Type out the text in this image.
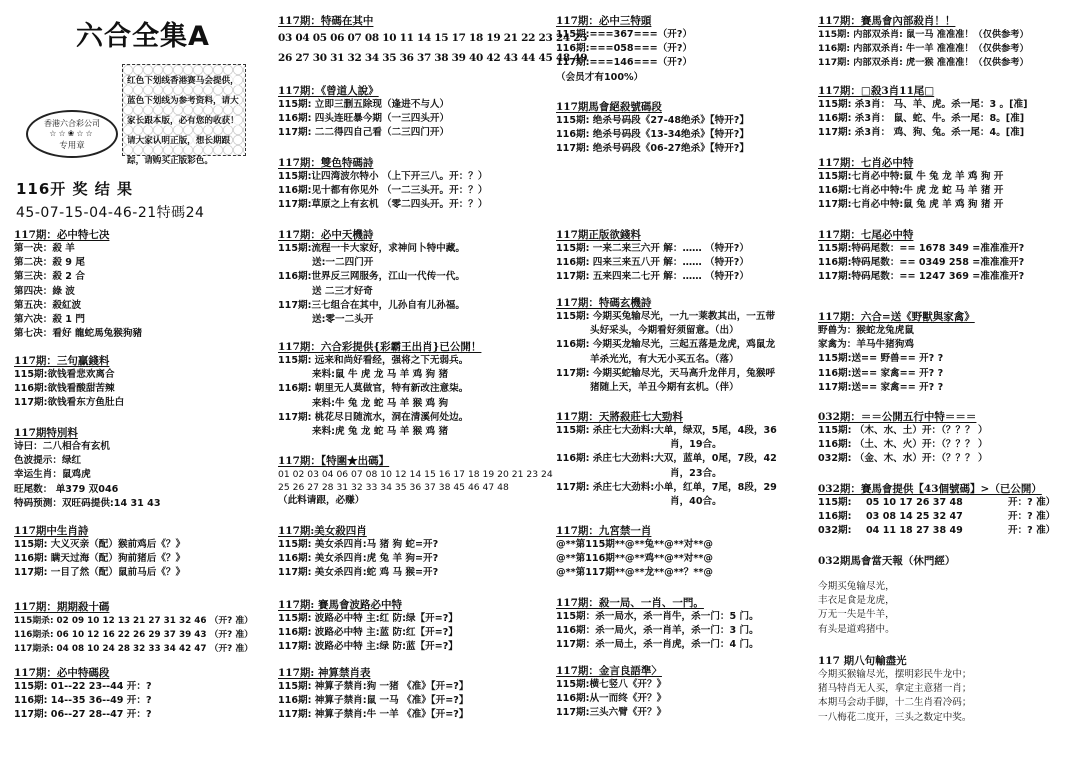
六合全集A
香港六合彩公司
☆☆❀☆☆
专用章
红色下划线香港赛马会提供，蓝色下划线为参考资料，请大家长跟本版，必有您的收获！请大家认明正版，想长期跟踪，请购买正版彩色。
116开 奖 结 果
45-07-15-04-46-21特碼24
117期：必中特七决
第一决：殺 羊
第二决：殺 9 尾
第三决：殺 2 合
第四决：綠 波
第五决：殺紅波
第六决：殺 1 門
第七决：看好 龍蛇馬兔猴狗豬
117期：三句贏錢料
115期:欲钱看悲欢离合
116期:欲钱看酸甜苦辣
117期:欲钱看东方鱼肚白
117期特別料
诗曰：二八相合有玄机
色波提示：绿红
幸运生肖：鼠鸡虎
旺尾数： 单379 双046
特码预测：双旺码提供:14 31 43
117期中生肖詩
115期: 大义灭亲（配）猴前鸡后《？》
116期: 瞒天过海（配）狗前猪后《？》
117期: 一目了然（配）鼠前马后《？》
117期：期期殺十碼
115期杀: 02 09 10 12 13 21 27 31 32 46 （开? 准）
116期杀: 06 10 12 16 22 26 29 37 39 43 （开? 准）
117期杀: 04 08 10 24 28 32 33 34 42 47 （开? 准）
117期：必中特碼段
115期: 01--22 23--44 开：?
116期: 14--35 36--49 开：?
117期: 06--27 28--47 开：?
117期：特碼在其中
03 04 05 06 07 08 10 11 14 15 17 18 19 21 22 23 24 25
26 27 30 31 32 34 35 36 37 38 39 40 42 43 44 45 48 49
117期：《曾道人說》
115期: 立即三删五除现（逢进不与人）
116期: 四头连旺暴今期（一三四头开）
117期: 二二得四自己看（二三四门开）
117期：雙色特碼詩
115期:让四湾波尔特小 （上下开三八。开：？）
116期:见十都有你见外 （一二三头开。开：？）
117期:草原之上有玄机 （零二四头开。开：？）
117期：必中天機詩
115期:流程一卡大家好，求神问卜特中藏。
送:一二四门开
116期:世界反三网服务，江山一代传一代。
送 二三才好奇
117期:三七组合在其中，儿孙自有儿孙福。
送:零一二头开
117期：六合彩提供{彩霸王出肖}已公開！
115期: 远来和尚好看经，强将之下无弱兵。
来料:鼠 牛 虎 龙 马 羊 鸡 狗 猪
116期: 朝里无人莫做官，特有新改注意柒。
来料:牛 兔 龙 蛇 马 羊 猴 鸡 狗
117期: 桃花尽日随流水，洞在清溪何处边。
来料:虎 兔 龙 蛇 马 羊 猴 鸡 猪
117期：【特圍★出碼】
01 02 03 04 06 07 08 10 12 14 15 16 17 18 19 20 21 23 24
25 26 27 28 31 32 33 34 35 36 37 38 45 46 47 48
（此料请跟，必赚）
117期:美女殺四肖
115期: 美女杀四肖:马 猪 狗 蛇=开?
116期: 美女杀四肖:虎 兔 羊 狗=开?
117期: 美女杀四肖:蛇 鸡 马 猴=开?
117期: 賽馬會波路必中特
115期: 波路必中特 主:红 防:绿【开=?】
116期: 波路必中特 主:蓝 防:红【开=?】
117期: 波路必中特 主:绿 防:蓝【开=?】
117期: 神算禁肖表
115期: 神算子禁肖:狗 一猪 《准》【开=?】
116期: 神算子禁肖:鼠 一马 《准》【开=?】
117期: 神算子禁肖:牛 一羊 《准》【开=?】
117期：必中三特頭
115期:===367===（开?）
116期:===058===（开?）
117期:===146===（开?）
（会员才有100%）
117期馬會絕殺號碼段
115期: 绝杀号码段《27-48绝杀》【特开?】
116期: 绝杀号码段《13-34绝杀》【特开?】
117期: 绝杀号码段《06-27绝杀》【特开?】
117期正版欲錢料
115期: 一来二来三六开 解：…… （特开?）
116期: 四来三来五八开 解：…… （特开?）
117期: 五来四来二七开 解：…… （特开?）
117期：特碼玄機詩
115期: 今期买兔输尽光，一九一莱教其出，一五带
头好采头，今期看好须留意。（出）
116期: 今期买龙输尽光，三起五落是龙虎，鸡鼠龙
羊杀光光，有大无小买五名。（落）
117期: 今期买蛇输尽光，天马高升龙伴月，兔猴呼
猪随上天，羊丑今期有玄机。（伴）
117期：天將殺莊七大勁料
115期: 杀庄七大劲料:大单，绿双，5尾，4段，36
肖，19合。
116期: 杀庄七大劲料:大双，蓝单，0尾，7段，42
肖，23合。
117期: 杀庄七大劲料:小单，红单，7尾，8段，29
肖，40合。
117期：九宮禁一肖
@**第115期**@**兔**@**对**@
@**第116期**@**鸡**@**对**@
@**第117期**@**龙**@**？**@
117期：殺一局、一肖、一門。
115期：杀一局水，杀一肖牛，杀一门：5 门。
116期：杀一局火，杀一肖羊，杀一门：3 门。
117期：杀一局土，杀一肖虎，杀一门：4 门。
117期：金言良語準〉
115期:横七竖八《开？》
116期:从一而终《开？》
117期:三头六臂《开？》
117期：賽馬會內部殺肖！！
115期: 内部双杀肖: 鼠一马 准准准！（仅供参考）
116期: 内部双杀肖: 牛一羊 准准准！（仅供参考）
117期: 内部双杀肖: 虎一猴 准准准！（仅供参考）
117期：□殺3肖11尾□
115期: 杀3肖： 马、羊、虎。杀一尾：3 。[准]
116期: 杀3肖： 鼠、蛇、牛。杀一尾：8。[准]
117期: 杀3肖： 鸡、狗、兔。杀一尾：4。[准]
117期：七肖必中特
115期:七肖必中特:鼠 牛 兔 龙 羊 鸡 狗 开
116期:七肖必中特:牛 虎 龙 蛇 马 羊 猪 开
117期:七肖必中特:鼠 兔 虎 羊 鸡 狗 猪 开
117期：七尾必中特
115期:特码尾数：== 1678 349 =准准准开?
116期:特码尾数：== 0349 258 =准准准开?
117期:特码尾数：== 1247 369 =准准准开?
117期：六合=送《野獸與家禽》
野兽为：猴蛇龙兔虎鼠
家禽为：羊马牛猪狗鸡
115期:送== 野兽== 开? ?
116期:送== 家禽== 开? ?
117期:送== 家禽== 开? ?
032期：＝＝公開五行中特＝＝＝
115期: （木、水、土）开：（？？？ ）
116期: （土、木、火）开：（？？？ ）
032期: （金、木、水）开：（？？？ ）
032期：賽馬會提供【43個號碼】>（已公開）
115期: 05 10 17 26 37 48	开：? 准）
116期: 03 08 14 25 32 47	开：? 准）
032期: 04 11 18 27 38 49	开：? 准）
032期馬會當天報（休門經）
今期买兔输尽光，
丰衣足食是龙虎，
万无一失是牛羊，
有头是道鸡猪中。
117 期八句輸盡光
今期买猴输尽光，摆明彩民牛龙中；
猪马特肖无人买，拿定主意猪一肖；
本期马会动手脚，十二生肖看冷码；
一八梅花二度开，三头之数定中奖。
